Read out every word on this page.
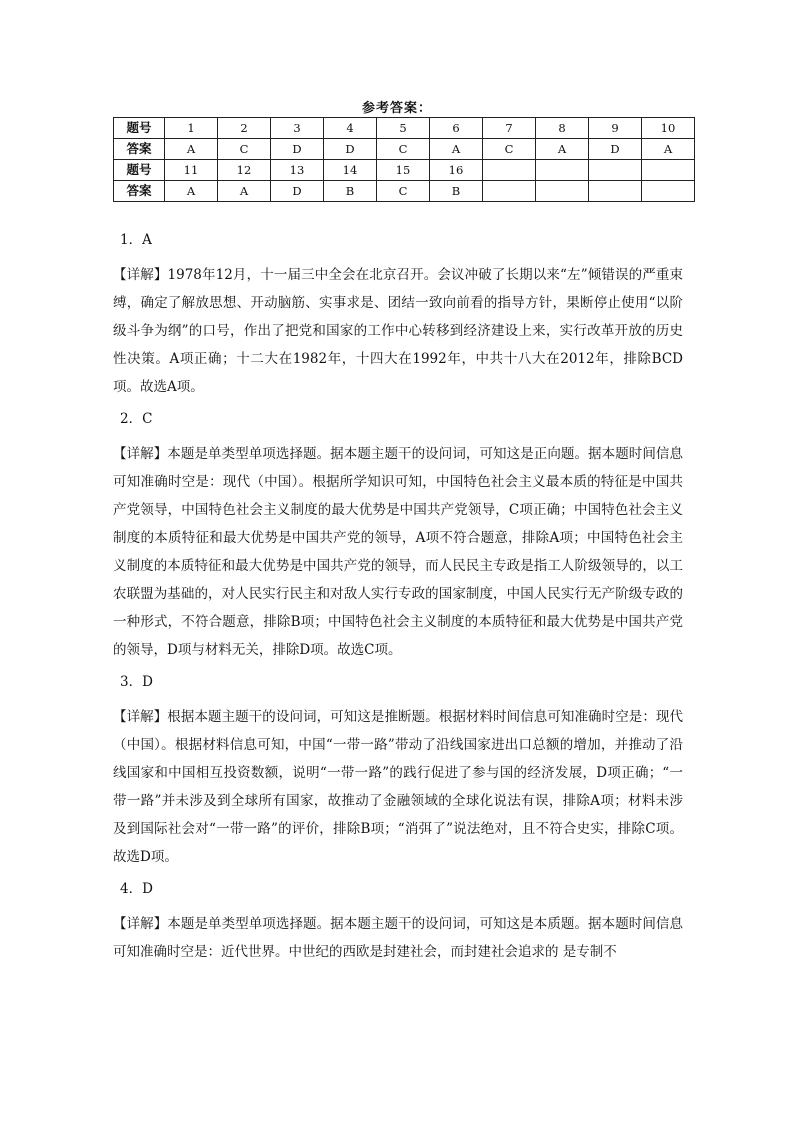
参考答案：
题号	1	2	3	4	5	6	7	8	9	10
答案	A	C	D	D	C	A	C	A	D	A
题号	11	12	13	14	15	16				
答案	A	A	D	B	C	B				
1．A
【详解】1978年12月，十一届三中全会在北京召开。会议冲破了长期以来“左”倾错误的严重束缚，确定了解放思想、开动脑筋、实事求是、团结一致向前看的指导方针，果断停止使用“以阶级斗争为纲”的口号，作出了把党和国家的工作中心转移到经济建设上来，实行改革开放的历史性决策。A项正确；十二大在1982年，十四大在1992年，中共十八大在2012年，排除BCD项。故选A项。
2．C
【详解】本题是单类型单项选择题。据本题主题干的设问词，可知这是正向题。据本题时间信息可知准确时空是：现代（中国）。根据所学知识可知，中国特色社会主义最本质的特征是中国共产党领导，中国特色社会主义制度的最大优势是中国共产党领导，C项正确；中国特色社会主义制度的本质特征和最大优势是中国共产党的领导，A项不符合题意，排除A项；中国特色社会主义制度的本质特征和最大优势是中国共产党的领导，而人民民主专政是指工人阶级领导的，以工农联盟为基础的，对人民实行民主和对敌人实行专政的国家制度，中国人民实行无产阶级专政的一种形式，不符合题意，排除B项；中国特色社会主义制度的本质特征和最大优势是中国共产党的领导，D项与材料无关，排除D项。故选C项。
3．D
【详解】根据本题主题干的设问词，可知这是推断题。根据材料时间信息可知准确时空是：现代（中国）。根据材料信息可知，中国“一带一路”带动了沿线国家进出口总额的增加，并推动了沿线国家和中国相互投资数额，说明“一带一路”的践行促进了参与国的经济发展，D项正确；“一带一路”并未涉及到全球所有国家，故推动了金融领域的全球化说法有误，排除A项；材料未涉及到国际社会对“一带一路”的评价，排除B项；“消弭了”说法绝对，且不符合史实，排除C项。故选D项。
4．D
【详解】本题是单类型单项选择题。据本题主题干的设问词，可知这是本质题。据本题时间信息可知准确时空是：近代世界。中世纪的西欧是封建社会，而封建社会追求的 是专制不
